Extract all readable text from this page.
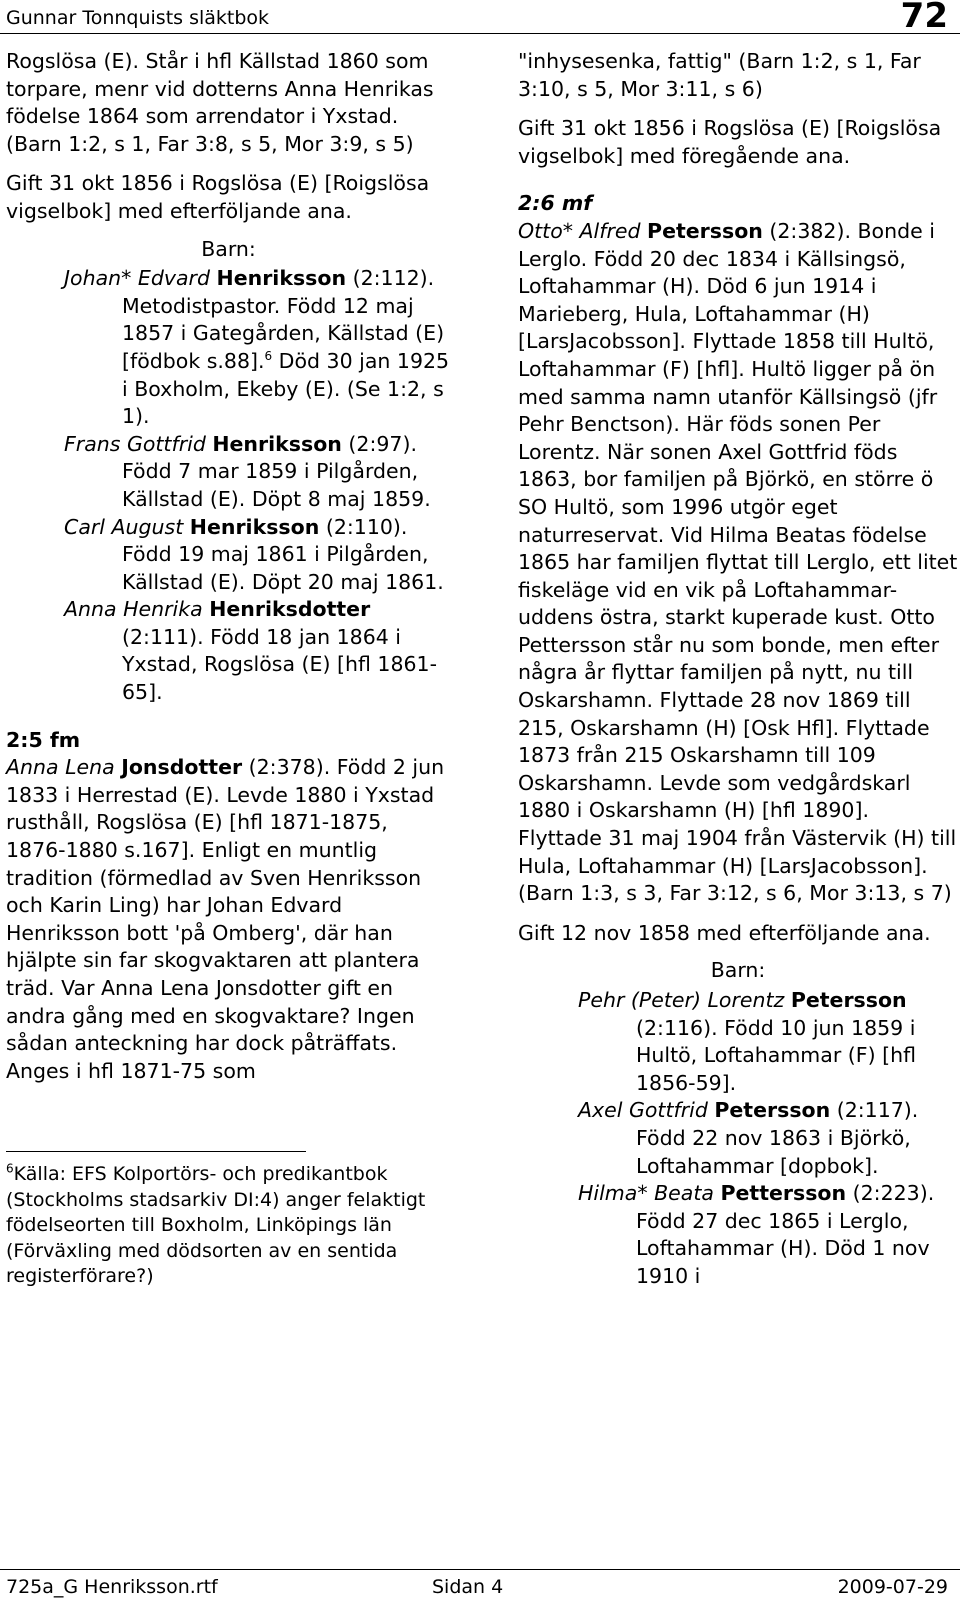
Gunnar Tonnquists släktbok	72

Rogslösa (E). Står i hfl Källstad 1860 som torpare, menr vid dotterns Anna Henrikas födelse 1864 som arrendator i Yxstad. (Barn 1:2, s 1, Far 3:8, s 5, Mor 3:9, s 5)

Gift 31 okt 1856 i Rogslösa (E) [Roigslösa vigselbok] med efterföljande ana.

Barn:

Johan* Edvard Henriksson (2:112). Metodistpastor. Född 12 maj 1857 i Gategården, Källstad (E) [födbok s.88].$^6$ Död 30 jan 1925 i Boxholm, Ekeby (E). (Se 1:2, s 1).

Frans Gottfrid Henriksson (2:97). Född 7 mar 1859 i Pilgården, Källstad (E). Döpt 8 maj 1859.

Carl August Henriksson (2:110). Född 19 maj 1861 i Pilgården, Källstad (E). Döpt 20 maj 1861.

Anna Henrika Henriksdotter (2:111). Född 18 jan 1864 i Yxstad, Rogslösa (E) [hfl 1861-65].

2:5 fm

Anna Lena Jonsdotter (2:378). Född 2 jun 1833 i Herrestad (E). Levde 1880 i Yxstad rusthåll, Rogslösa (E) [hfl 1871-1875, 1876-1880 s.167]. Enligt en muntlig tradition (förmedlad av Sven Henriksson och Karin Ling) har Johan Edvard Henriksson bott 'på Omberg', där han hjälpte sin far skogvaktaren att plantera träd. Var Anna Lena Jonsdotter gift en andra gång med en skogvaktare? Ingen sådan anteckning har dock påträffats. Anges i hfl 1871-75 som

$^6$Källa: EFS Kolportörs- och predikantbok (Stockholms stadsarkiv DI:4) anger felaktigt födelseorten till Boxholm, Linköpings län (Förväxling med dödsorten av en sentida registerförare?)

"inhysesenka, fattig" (Barn 1:2, s 1, Far 3:10, s 5, Mor 3:11, s 6)

Gift 31 okt 1856 i Rogslösa (E) [Roigslösa vigselbok] med föregående ana.

2:6 mf

Otto* Alfred Petersson (2:382). Bonde i Lerglo. Född 20 dec 1834 i Källsingsö, Loftahammar (H). Död 6 jun 1914 i Marieberg, Hula, Loftahammar (H) [LarsJacobsson]. Flyttade 1858 till Hultö, Loftahammar (F) [hfl]. Hultö ligger på ön med samma namn utanför Källsingsö (jfr Pehr Benctson). Här föds sonen Per Lorentz. När sonen Axel Gottfrid föds 1863, bor familjen på Björkö, en större ö SO Hultö, som 1996 utgör eget naturreservat. Vid Hilma Beatas födelse 1865 har familjen flyttat till Lerglo, ett litet fiskeläge vid en vik på Loftahammar-uddens östra, starkt kuperade kust. Otto Pettersson står nu som bonde, men efter några år flyttar familjen på nytt, nu till Oskarshamn. Flyttade 28 nov 1869 till 215, Oskarshamn (H) [Osk Hfl]. Flyttade 1873 från 215 Oskarshamn till 109 Oskarshamn. Levde som vedgårdskarl 1880 i Oskarshamn (H) [hfl 1890]. Flyttade 31 maj 1904 från Västervik (H) till Hula, Loftahammar (H) [LarsJacobsson]. (Barn 1:3, s 3, Far 3:12, s 6, Mor 3:13, s 7)

Gift 12 nov 1858 med efterföljande ana.

Barn:

Pehr (Peter) Lorentz Petersson (2:116). Född 10 jun 1859 i Hultö, Loftahammar (F) [hfl 1856-59].

Axel Gottfrid Petersson (2:117). Född 22 nov 1863 i Björkö, Loftahammar [dopbok].

Hilma* Beata Pettersson (2:223). Född 27 dec 1865 i Lerglo, Loftahammar (H). Död 1 nov 1910 i

725a_G Henriksson.rtf	Sidan 4	2009-07-29
